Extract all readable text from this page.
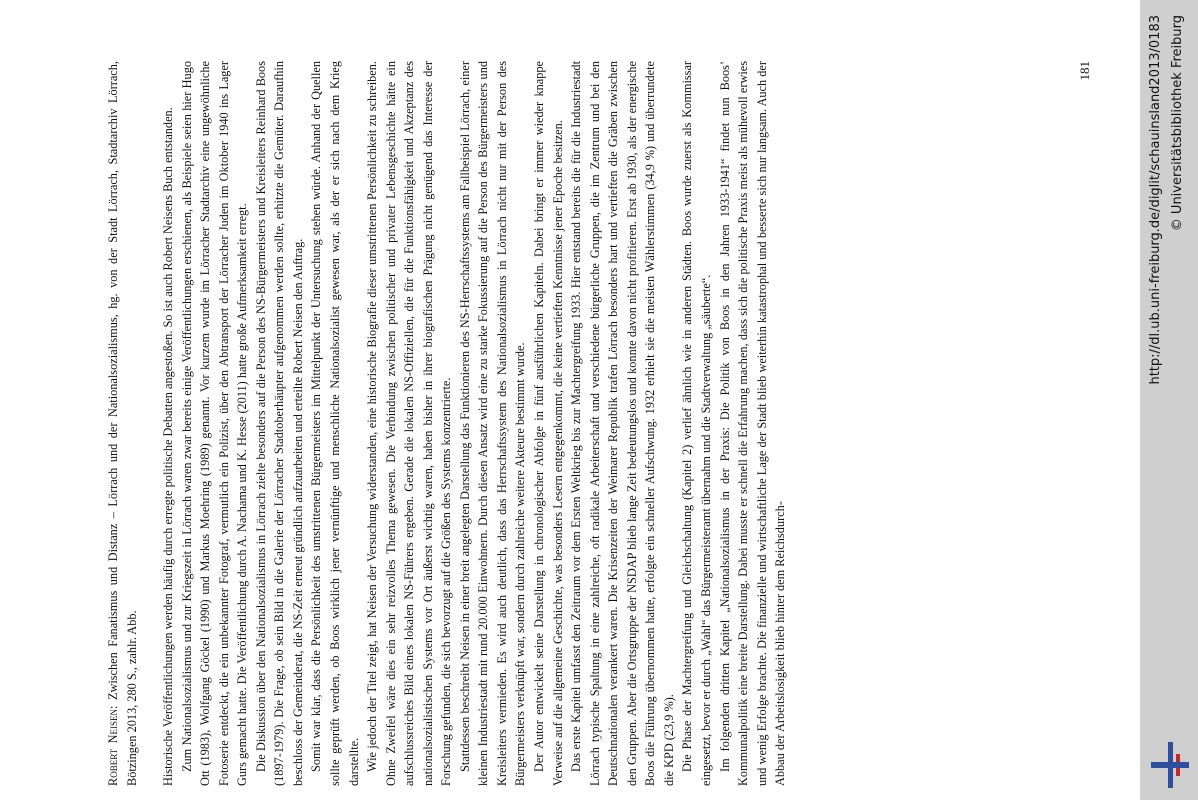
Robert Neisen: Zwischen Fanatismus und Distanz – Lörrach und der Nationalsozialismus, hg. von der Stadt Lörrach, Stadtarchiv Lörrach, Bötzingen 2013, 280 S., zahlr. Abb. Historische Veröffentlichungen werden häufig durch erregte politische Debatten angestoßen. So ist auch Robert Neisens Buch entstanden. Zum Nationalsozialismus und zur Kriegszeit in Lörrach waren zwar bereits einige Veröffentlichungen erschienen, als Beispiele seien hier Hugo Ott (1983), Wolfgang Göckel (1990) und Markus Moehring (1989) genannt. Vor kurzem wurde im Lörracher Stadtarchiv eine ungewöhnliche Fotoserie entdeckt, die ein unbekannter Fotograf, vermutlich ein Polizist, über den Abtransport der Lörracher Juden im Oktober 1940 ins Lager Gurs gemacht hatte. Die Veröffentlichung durch A. Nachama und K. Hesse (2011) hatte große Aufmerksamkeit erregt. Die Diskussion über den Nationalsozialismus in Lörrach zielte besonders auf die Person des NS-Bürgermeisters und Kreisleiters Reinhard Boos (1897-1979). Die Frage, ob sein Bild in die Galerie der Lörracher Stadtoberhäupter aufgenommen werden sollte, erhitzte die Gemüter. Daraufhin beschloss der Gemeinderat, die NS-Zeit erneut gründlich aufzuarbeiten und erteilte Robert Neisen den Auftrag. Somit war klar, dass die Persönlichkeit des umstrittenen Bürgermeisters im Mittelpunkt der Untersuchung stehen würde. Anhand der Quellen sollte geprüft werden, ob Boos wirklich jener vernünftige und menschliche Nationalsozialist gewesen war, als der er sich nach dem Krieg darstellte. Wie jedoch der Titel zeigt, hat Neisen der Versuchung widerstanden, eine historische Biografie dieser umstrittenen Persönlichkeit zu schreiben. Ohne Zweifel wäre dies ein sehr reizvolles Thema gewesen. Die Verbindung zwischen politischer und privater Lebensgeschichte hätte ein aufschlussreiches Bild eines lokalen NS-Führers ergeben. Gerade die lokalen NS-Offiziellen, die für die Funktionsfähigkeit und Akzeptanz des nationalsozialistischen Systems vor Ort äußerst wichtig waren, haben bisher in ihrer biografischen Prägung nicht genügend das Interesse der Forschung gefunden, die sich bevorzugt auf die Größen des Systems konzentrierte. Stattdessen beschreibt Neisen in einer breit angelegten Darstellung das Funktionieren des NS-Herrschaftssystems am Fallbeispiel Lörrach, einer kleinen Industriestadt mit rund 20.000 Einwohnern. Durch diesen Ansatz wird eine zu starke Fokussierung auf die Person des Bürgermeisters und Kreisleiters vermieden. Es wird auch deutlich, dass das Herrschaftssystem des Nationalsozialismus in Lörrach nicht nur mit der Person des Bürgermeisters verknüpft war, sondern durch zahlreiche weitere Akteure bestimmt wurde. Der Autor entwickelt seine Darstellung in chronologischer Abfolge in fünf ausführlichen Kapiteln. Dabei bringt er immer wieder knappe Verweise auf die allgemeine Geschichte, was besonders Lesern entgegenkommt, die keine vertieften Kenntnisse jener Epoche besitzen. Das erste Kapitel umfasst den Zeitraum vor dem Ersten Weltkrieg bis zur Machtergreifung 1933. Hier entstand bereits die für die Industriestadt Lörrach typische Spaltung in eine zahlreiche, oft radikale Arbeiterschaft und verschiedene bürgerliche Gruppen, die im Zentrum und bei den Deutschnationalen verankert waren. Die Krisenzeiten der Weimarer Republik trafen Lörrach besonders hart und vertieften die Gräben zwischen den Gruppen. Aber die Ortsgruppe der NSDAP blieb lange Zeit bedeutungslos und konnte davon nicht profitieren. Erst ab 1930, als der energische Boos die Führung übernommen hatte, erfolgte ein schneller Aufschwung. 1932 erhielt sie die meisten Wählerstimmen (34,9 %) und überrundete die KPD (23,9 %). Die Phase der Machtergreifung und Gleichschaltung (Kapitel 2) verlief ähnlich wie in anderen Städten. Boos wurde zuerst als Kommissar eingesetzt, bevor er durch „Wahl“ das Bürgermeisteramt übernahm und die Stadtverwaltung „säuberte“. Im folgenden dritten Kapitel „Nationalsozialismus in der Praxis: Die Politik von Boos in den Jahren 1933-1941“ findet nun Boos’ Kommunalpolitik eine breite Darstellung. Dabei musste er schnell die Erfahrung machen, dass sich die politische Praxis meist als mühevoll erwies und wenig Erfolge brachte. Die finanzielle und wirtschaftliche Lage der Stadt blieb weiterhin katastrophal und besserte sich nur langsam. Auch der Abbau der Arbeitslosigkeit blieb hinter dem Reichsdurch-

181	http://dl.ub.uni-freiburg.de/diglit/schauinsland2013/0183 © Universitätsbibliothek Freiburg
